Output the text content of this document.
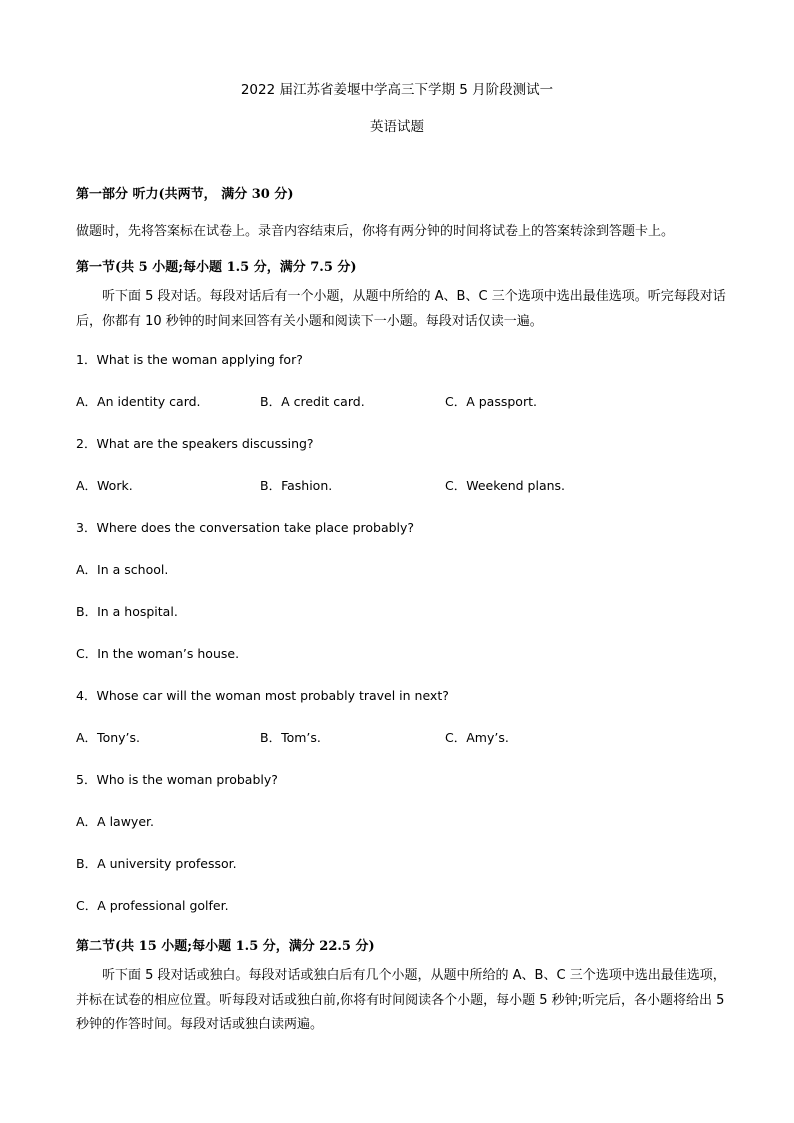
2022 届江苏省姜堰中学高三下学期 5 月阶段测试一
英语试题
第一部分 听力(共两节， 满分 30 分)
做题时，先将答案标在试卷上。录音内容结束后，你将有两分钟的时间将试卷上的答案转涂到答题卡上。
第一节(共 5 小题;每小题 1.5 分，满分 7.5 分)
听下面 5 段对话。每段对话后有一个小题，从题中所给的 A、B、C 三个选项中选出最佳选项。听完每段对话后，你都有 10 秒钟的时间来回答有关小题和阅读下一小题。每段对话仅读一遍。
1．What is the woman applying for?
A．An identity card.	B．A credit card.	C．A passport.
2．What are the speakers discussing?
A．Work.	B．Fashion.	C．Weekend plans.
3．Where does the conversation take place probably?
A．In a school.
B．In a hospital.
C．In the woman’s house.
4．Whose car will the woman most probably travel in next?
A．Tony’s.	B．Tom’s.	C．Amy’s.
5．Who is the woman probably?
A．A lawyer.
B．A university professor.
C．A professional golfer.
第二节(共 15 小题;每小题 1.5 分，满分 22.5 分)
听下面 5 段对话或独白。每段对话或独白后有几个小题，从题中所给的 A、B、C 三个选项中选出最佳选项，并标在试卷的相应位置。听每段对话或独白前,你将有时间阅读各个小题，每小题 5 秒钟;听完后，各小题将给出 5 秒钟的作答时间。每段对话或独白读两遍。
